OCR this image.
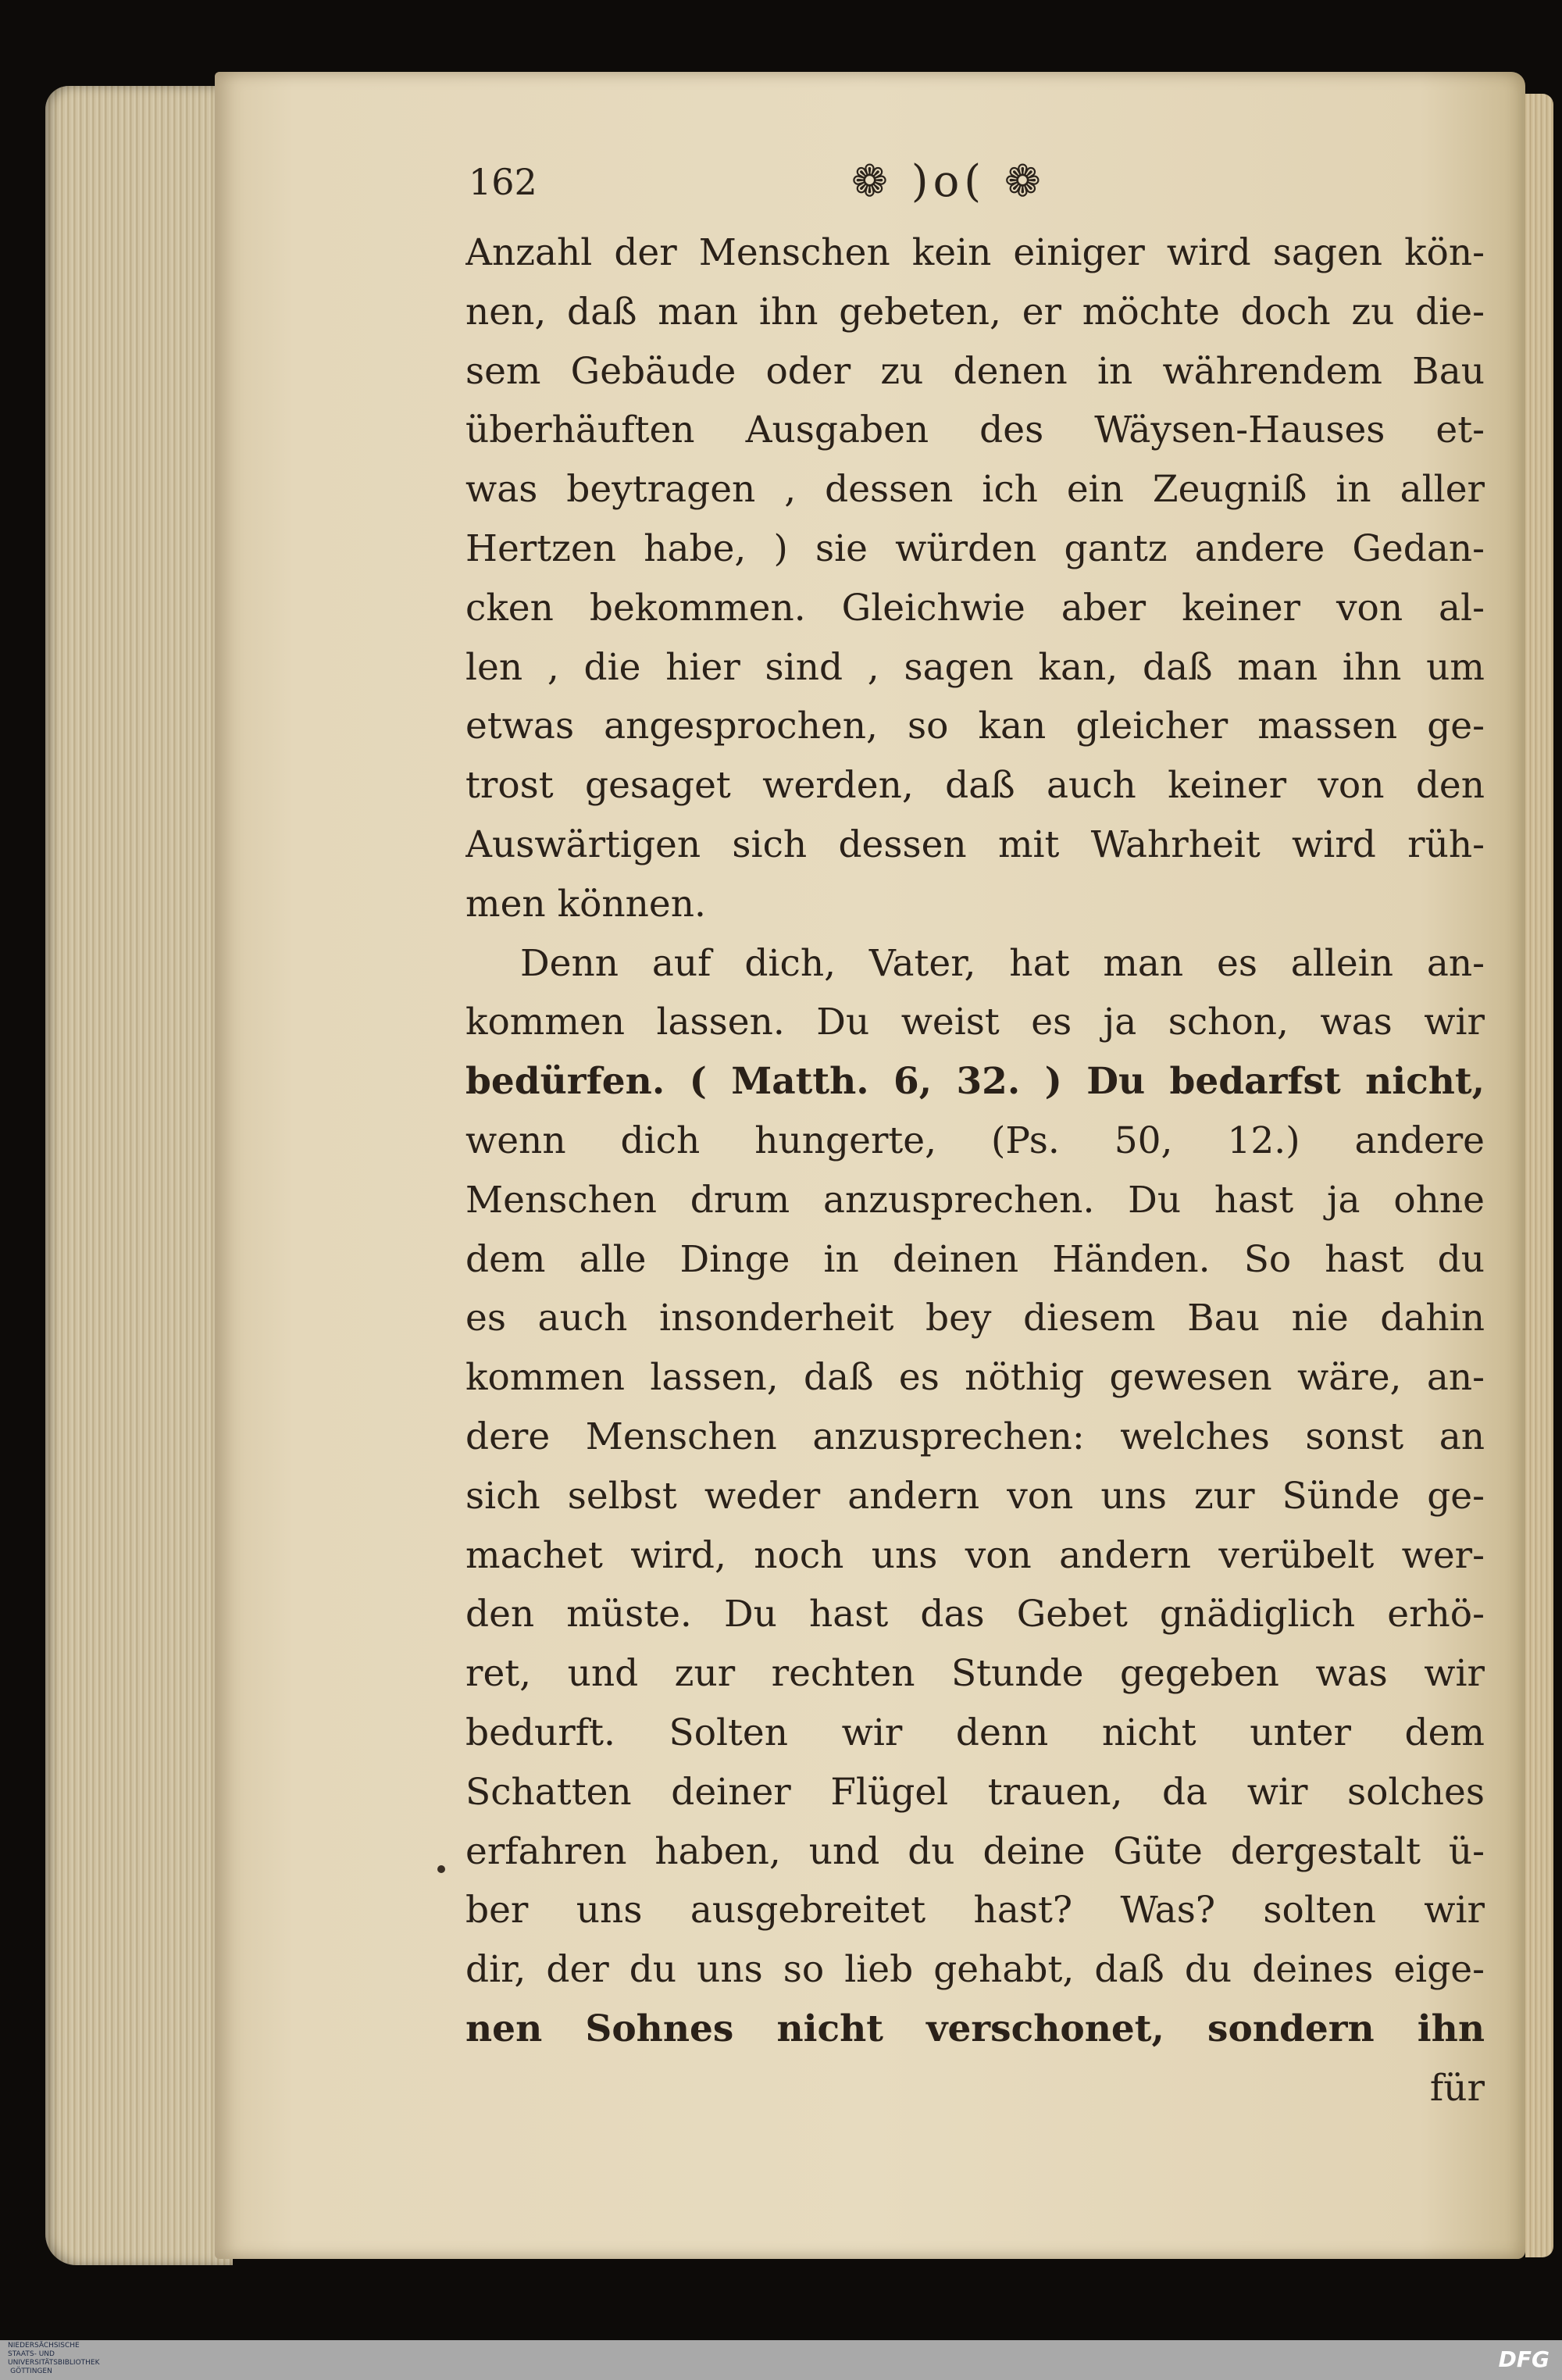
162	❁ )o( ❁
Anzahl der Menschen kein einiger wird sagen kön-
nen, daß man ihn gebeten, er möchte doch zu die-
sem Gebäude oder zu denen in währendem Bau
überhäuften Ausgaben des Wäysen-Hauses et-
was beytragen , dessen ich ein Zeugniß in aller
Hertzen habe, ) sie würden gantz andere Gedan-
cken bekommen. Gleichwie aber keiner von al-
len , die hier sind , sagen kan, daß man ihn um
etwas angesprochen, so kan gleicher massen ge-
trost gesaget werden, daß auch keiner von den
Auswärtigen sich dessen mit Wahrheit wird rüh-
men können.
Denn auf dich, Vater, hat man es allein an-
kommen lassen. Du weist es ja schon, was wir
bedürfen. ( Matth. 6, 32. ) Du bedarfst nicht,
wenn dich hungerte, (Ps. 50, 12.) andere
Menschen drum anzusprechen. Du hast ja ohne
dem alle Dinge in deinen Händen. So hast du
es auch insonderheit bey diesem Bau nie dahin
kommen lassen, daß es nöthig gewesen wäre, an-
dere Menschen anzusprechen: welches sonst an
sich selbst weder andern von uns zur Sünde ge-
machet wird, noch uns von andern verübelt wer-
den müste. Du hast das Gebet gnädiglich erhö-
ret, und zur rechten Stunde gegeben was wir
bedurft. Solten wir denn nicht unter dem
Schatten deiner Flügel trauen, da wir solches
erfahren haben, und du deine Güte dergestalt ü-
ber uns ausgebreitet hast? Was? solten wir
dir, der du uns so lieb gehabt, daß du deines eige-
nen Sohnes nicht verschonet, sondern ihn
für
NIEDERSÄCHSISCHE STAATS- UND UNIVERSITÄTSBIBLIOTHEK GÖTTINGEN	DFG
